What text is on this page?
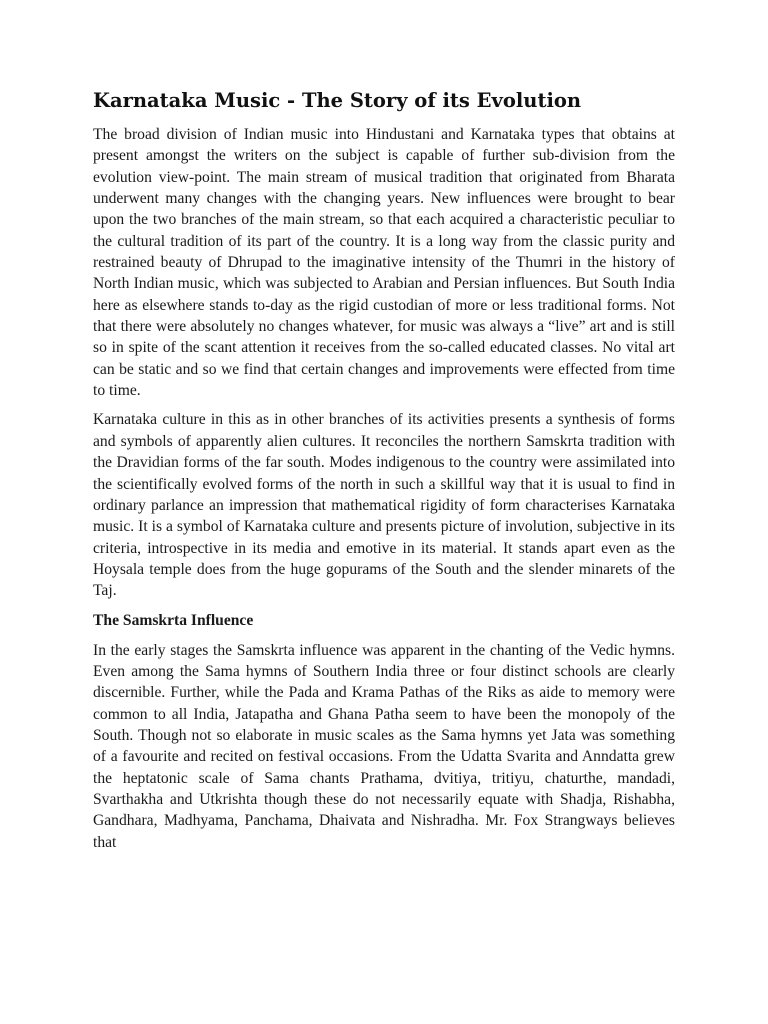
Karnataka Music - The Story of its Evolution

The broad division of Indian music into Hindustani and Karnataka types that obtains at present amongst the writers on the subject is capable of further sub-division from the evolution view-point. The main stream of musical tradition that originated from Bharata underwent many changes with the changing years. New influences were brought to bear upon the two branches of the main stream, so that each acquired a characteristic peculiar to the cultural tradition of its part of the country. It is a long way from the classic purity and restrained beauty of Dhrupad to the imaginative intensity of the Thumri in the history of North Indian music, which was subjected to Arabian and Persian influences. But South India here as elsewhere stands to-day as the rigid custodian of more or less traditional forms. Not that there were absolutely no changes whatever, for music was always a “live” art and is still so in spite of the scant attention it receives from the so-called educated classes. No vital art can be static and so we find that certain changes and improvements were effected from time to time.

Karnataka culture in this as in other branches of its activities presents a synthesis of forms and symbols of apparently alien cultures. It reconciles the northern Samskrta tradition with the Dravidian forms of the far south. Modes indigenous to the country were assimilated into the scientifically evolved forms of the north in such a skillful way that it is usual to find in ordinary parlance an impression that mathematical rigidity of form characterises Karnataka music. It is a symbol of Karnataka culture and presents picture of involution, subjective in its criteria, introspective in its media and emotive in its material. It stands apart even as the Hoysala temple does from the huge gopurams of the South and the slender minarets of the Taj.

The Samskrta Influence

In the early stages the Samskrta influence was apparent in the chanting of the Vedic hymns. Even among the Sama hymns of Southern India three or four distinct schools are clearly discernible. Further, while the Pada and Krama Pathas of the Riks as aide to memory were common to all India, Jatapatha and Ghana Patha seem to have been the monopoly of the South. Though not so elaborate in music scales as the Sama hymns yet Jata was something of a favourite and recited on festival occasions. From the Udatta Svarita and Anndatta grew the heptatonic scale of Sama chants Prathama, dvitiya, tritiyu, chaturthe, mandadi, Svarthakha and Utkrishta though these do not necessarily equate with Shadja, Rishabha, Gandhara, Madhyama, Panchama, Dhaivata and Nishradha. Mr. Fox Strangways believes that
